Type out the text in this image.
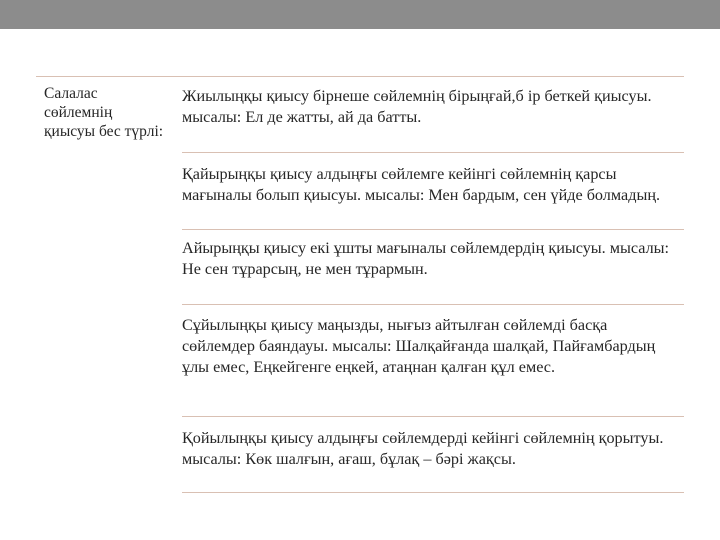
Салалас сөйлемнің қиысуы бес түрлі:
Жиылыңқы қиысу бірнеше сөйлемнің бірыңғай,б ір беткей қиысуы. мысалы: Ел де жатты, ай да батты.
Қайырыңқы қиысу алдыңғы сөйлемге кейінгі сөйлемнің қарсы мағыналы болып қиысуы. мысалы: Мен бардым, сен үйде болмадың.
Айырыңқы қиысу екі ұшты мағыналы сөйлемдердің қиысуы. мысалы: Не сен тұрарсың, не мен тұрармын.
Сұйылыңқы қиысу маңызды, нығыз айтылған сөйлемді басқа сөйлемдер баяндауы. мысалы: Шалқайғанда шалқай, Пайғамбардың ұлы емес, Еңкейгенге еңкей, атаңнан қалған құл емес.
Қойылыңқы қиысу алдыңғы сөйлемдерді кейінгі сөйлемнің қорытуы. мысалы: Көк шалғын, ағаш, бұлақ – бәрі жақсы.
